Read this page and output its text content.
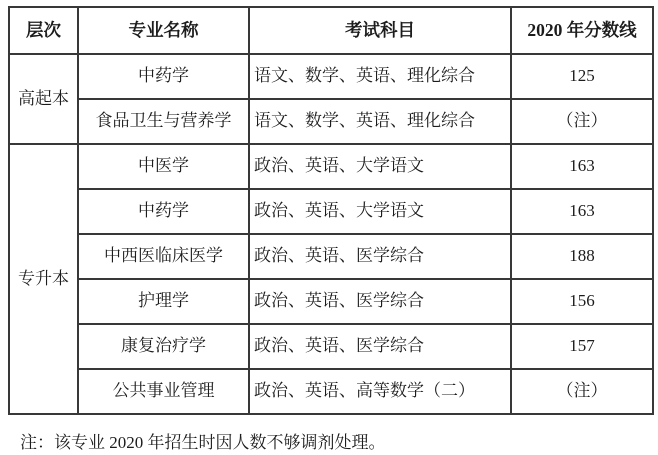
层次	专业名称	考试科目	2020 年分数线
高起本	中药学	语文、数学、英语、理化综合	125
	食品卫生与营养学	语文、数学、英语、理化综合	（注）
专升本	中医学	政治、英语、大学语文	163
	中药学	政治、英语、大学语文	163
	中西医临床医学	政治、英语、医学综合	188
	护理学	政治、英语、医学综合	156
	康复治疗学	政治、英语、医学综合	157
	公共事业管理	政治、英语、高等数学（二）	（注）
注：该专业 2020 年招生时因人数不够调剂处理。
